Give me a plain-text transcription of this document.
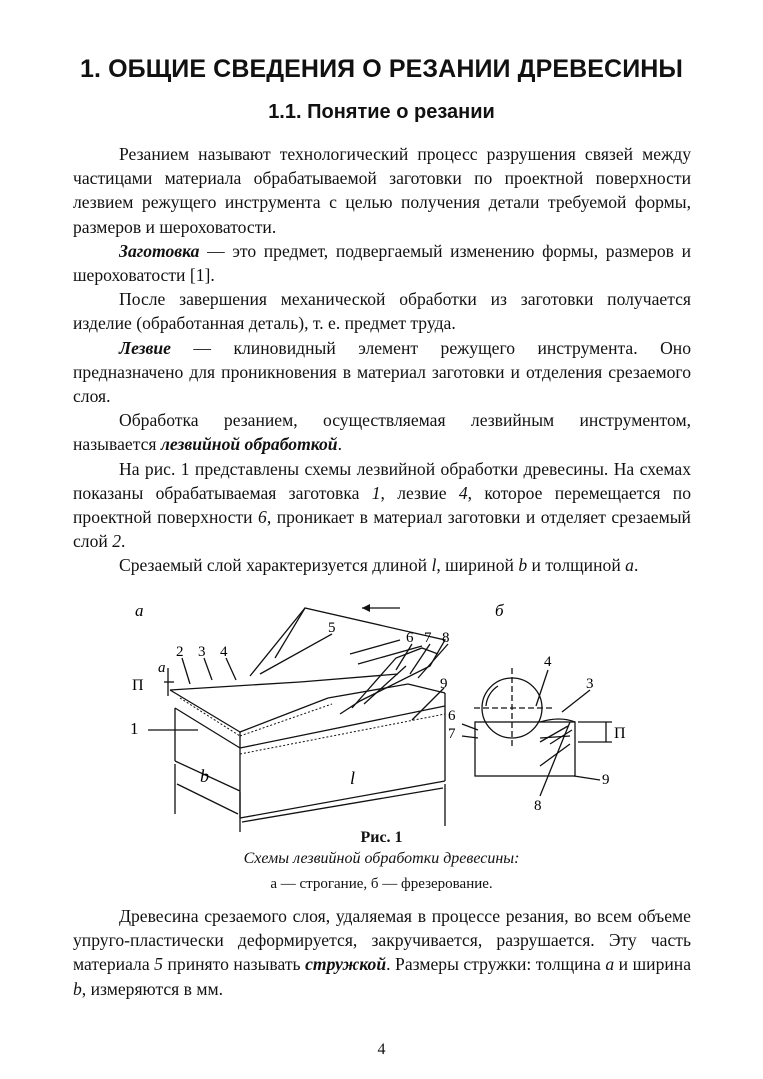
1. ОБЩИЕ СВЕДЕНИЯ О РЕЗАНИИ ДРЕВЕСИНЫ
1.1. Понятие о резании

Резанием называют технологический процесс разрушения связей между частицами материала обрабатываемой заготовки по проектной поверхности лезвием режущего инструмента с целью получения детали требуемой формы, размеров и шероховатости.

Заготовка — это предмет, подвергаемый изменению формы, размеров и шероховатости [1].

После завершения механической обработки из заготовки получается изделие (обработанная деталь), т. е. предмет труда.

Лезвие — клиновидный элемент режущего инструмента. Оно предназначено для проникновения в материал заготовки и отделения срезаемого слоя.

Обработка резанием, осуществляемая лезвийным инструментом, называется лезвийной обработкой.

На рис. 1 представлены схемы лезвийной обработки древесины. На схемах показаны обрабатываемая заготовка 1, лезвие 4, которое перемещается по проектной поверхности 6, проникает в материал заготовки и отделяет срезаемый слой 2.

Срезаемый слой характеризуется длиной l, шириной b и толщиной a.

а	б
5
2 3 4
6 7 8
9
1
a
П
b	l
4
3
6
7
8
9
П
Рис. 1
Схемы лезвийной обработки древесины:
а — строгание, б — фрезерование.

Древесина срезаемого слоя, удаляемая в процессе резания, во всем объеме упруго-пластически деформируется, закручивается, разрушается. Эту часть материала 5 принято называть стружкой. Размеры стружки: толщина a и ширина b, измеряются в мм.

4
